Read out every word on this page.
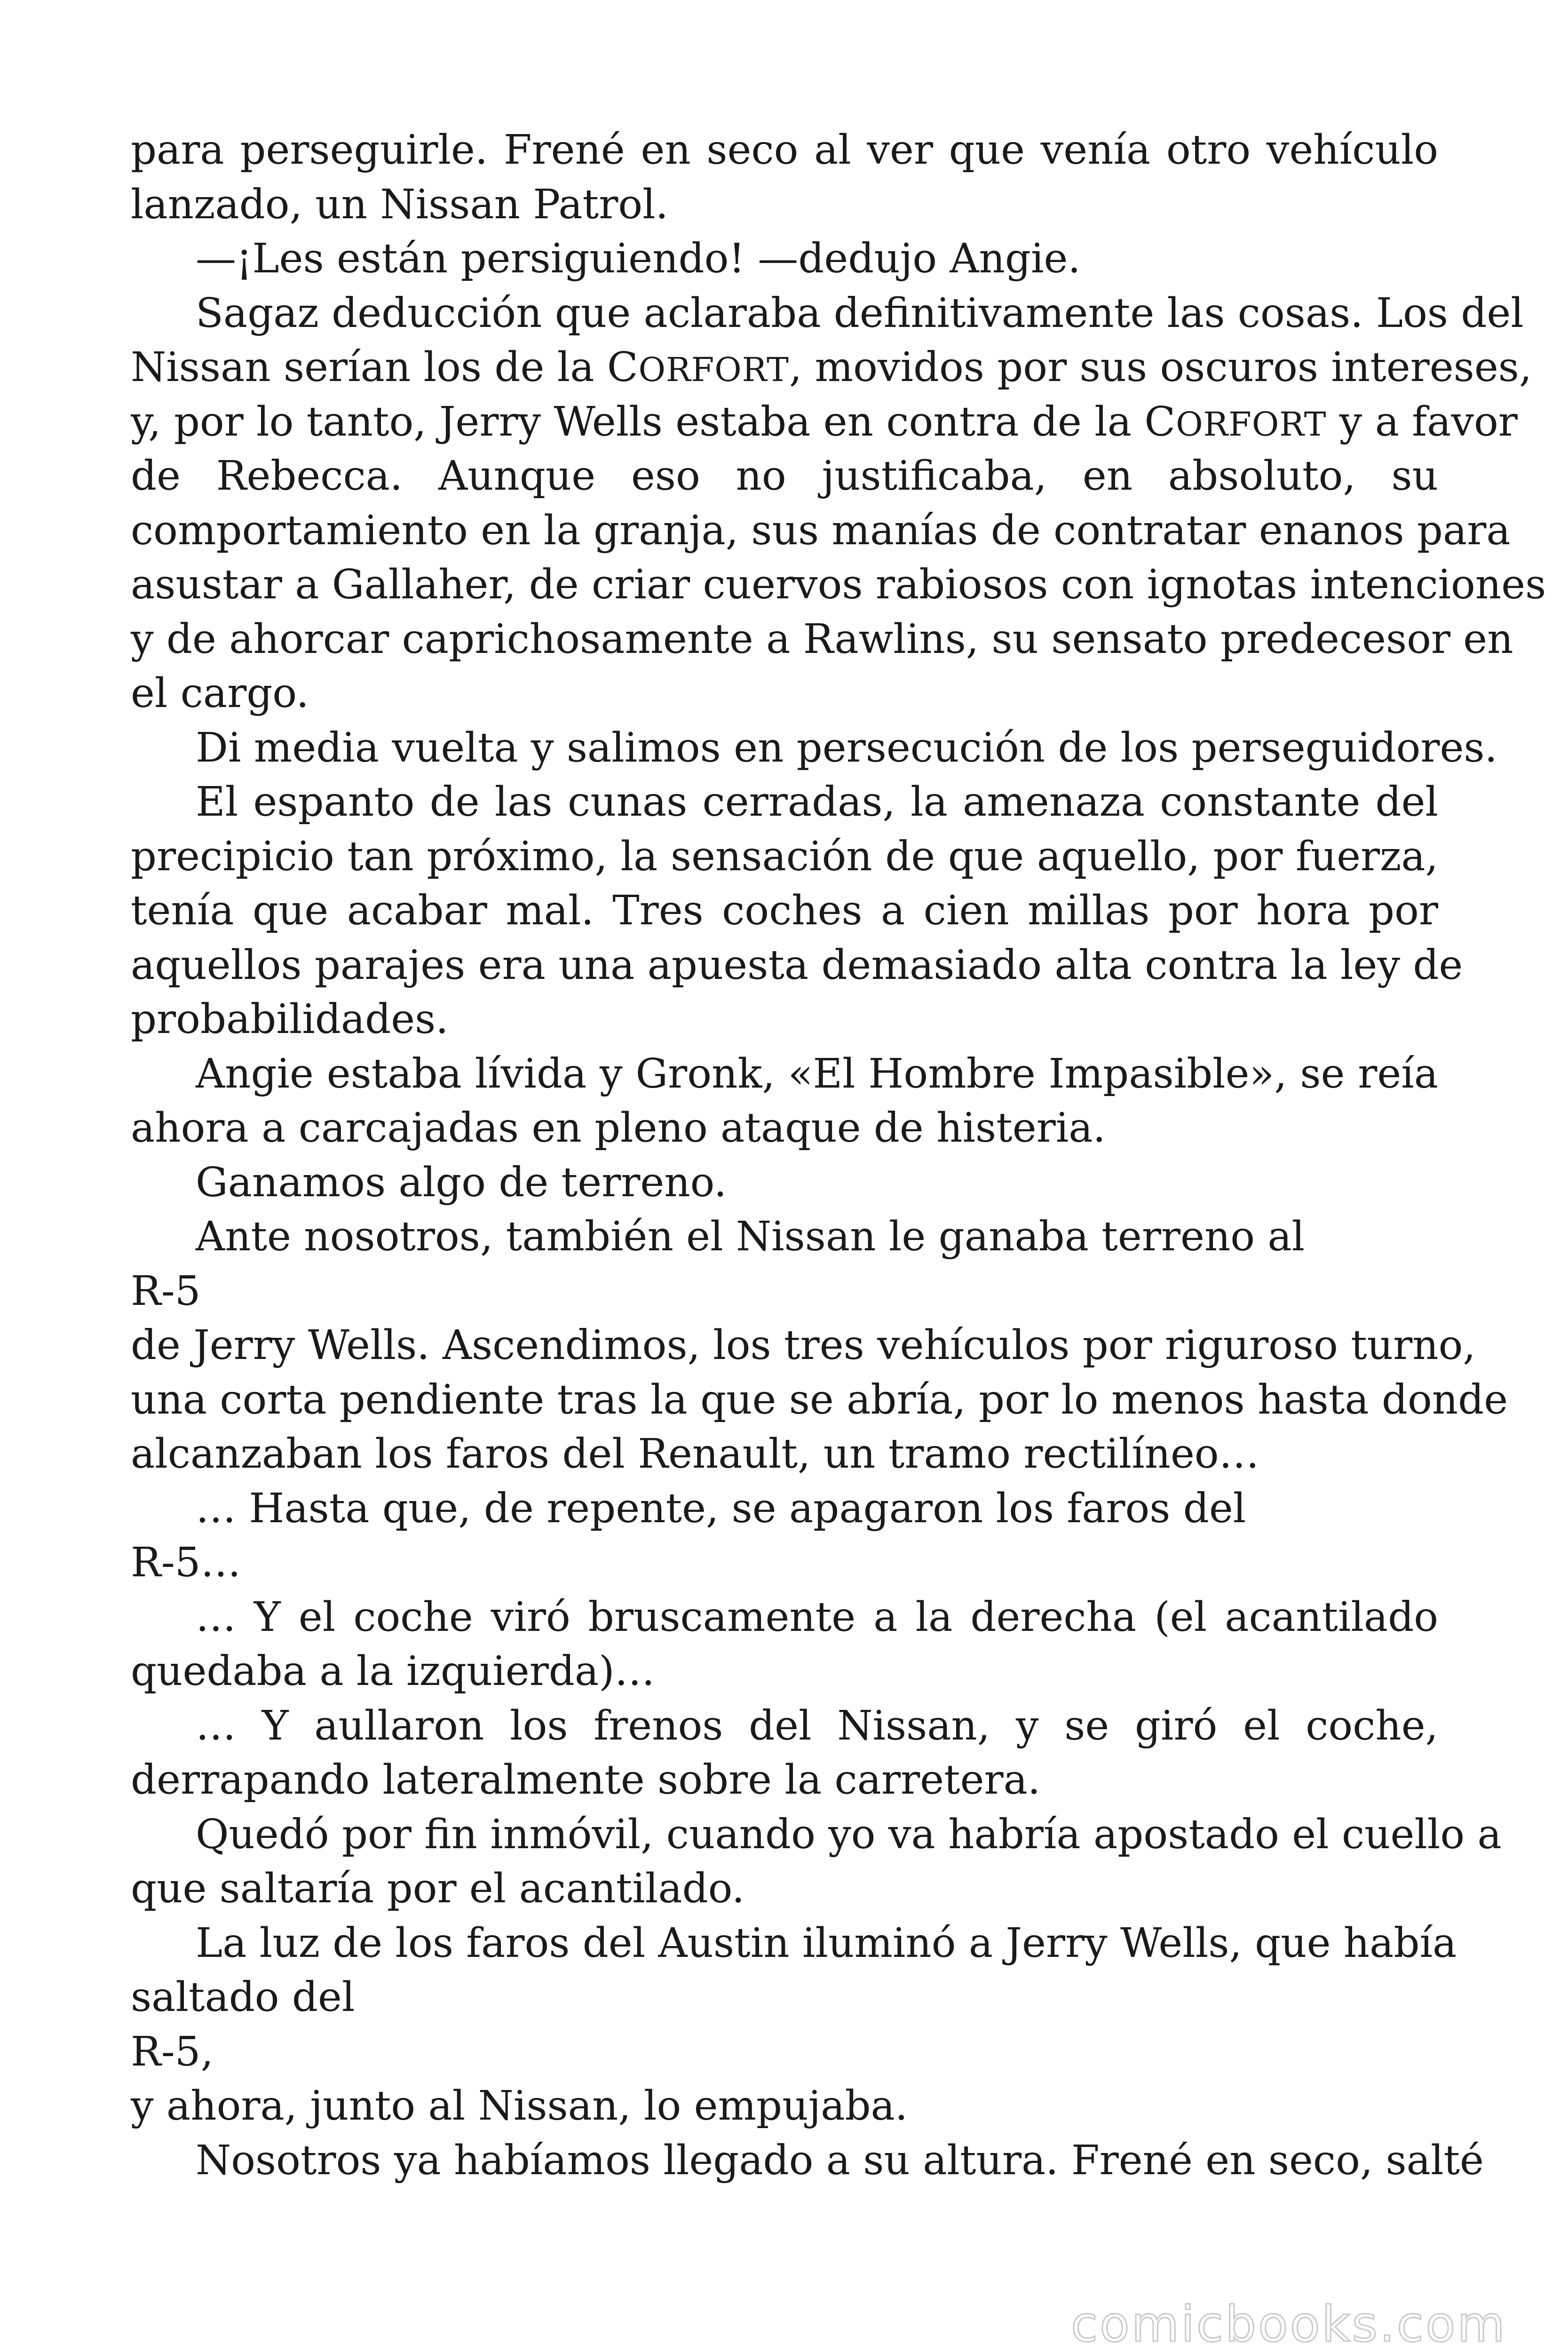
para perseguirle. Frené en seco al ver que venía otro vehículo
lanzado, un Nissan Patrol.
—¡Les están persiguiendo! —dedujo Angie.
Sagaz deducción que aclaraba definitivamente las cosas. Los del
Nissan serían los de la CORFORT, movidos por sus oscuros intereses,
y, por lo tanto, Jerry Wells estaba en contra de la CORFORT y a favor
de Rebecca. Aunque eso no justificaba, en absoluto, su
comportamiento en la granja, sus manías de contratar enanos para
asustar a Gallaher, de criar cuervos rabiosos con ignotas intenciones
y de ahorcar caprichosamente a Rawlins, su sensato predecesor en
el cargo.
Di media vuelta y salimos en persecución de los perseguidores.
El espanto de las cunas cerradas, la amenaza constante del
precipicio tan próximo, la sensación de que aquello, por fuerza,
tenía que acabar mal. Tres coches a cien millas por hora por
aquellos parajes era una apuesta demasiado alta contra la ley de
probabilidades.
Angie estaba lívida y Gronk, «El Hombre Impasible», se reía
ahora a carcajadas en pleno ataque de histeria.
Ganamos algo de terreno.
Ante nosotros, también el Nissan le ganaba terreno al
R-5
de Jerry Wells. Ascendimos, los tres vehículos por riguroso turno,
una corta pendiente tras la que se abría, por lo menos hasta donde
alcanzaban los faros del Renault, un tramo rectilíneo…
… Hasta que, de repente, se apagaron los faros del
R-5…
… Y el coche viró bruscamente a la derecha (el acantilado
quedaba a la izquierda)…
… Y aullaron los frenos del Nissan, y se giró el coche,
derrapando lateralmente sobre la carretera.
Quedó por fin inmóvil, cuando yo va habría apostado el cuello a
que saltaría por el acantilado.
La luz de los faros del Austin iluminó a Jerry Wells, que había
saltado del
R-5,
y ahora, junto al Nissan, lo empujaba.
Nosotros ya habíamos llegado a su altura. Frené en seco, salté
comicbooks.com
